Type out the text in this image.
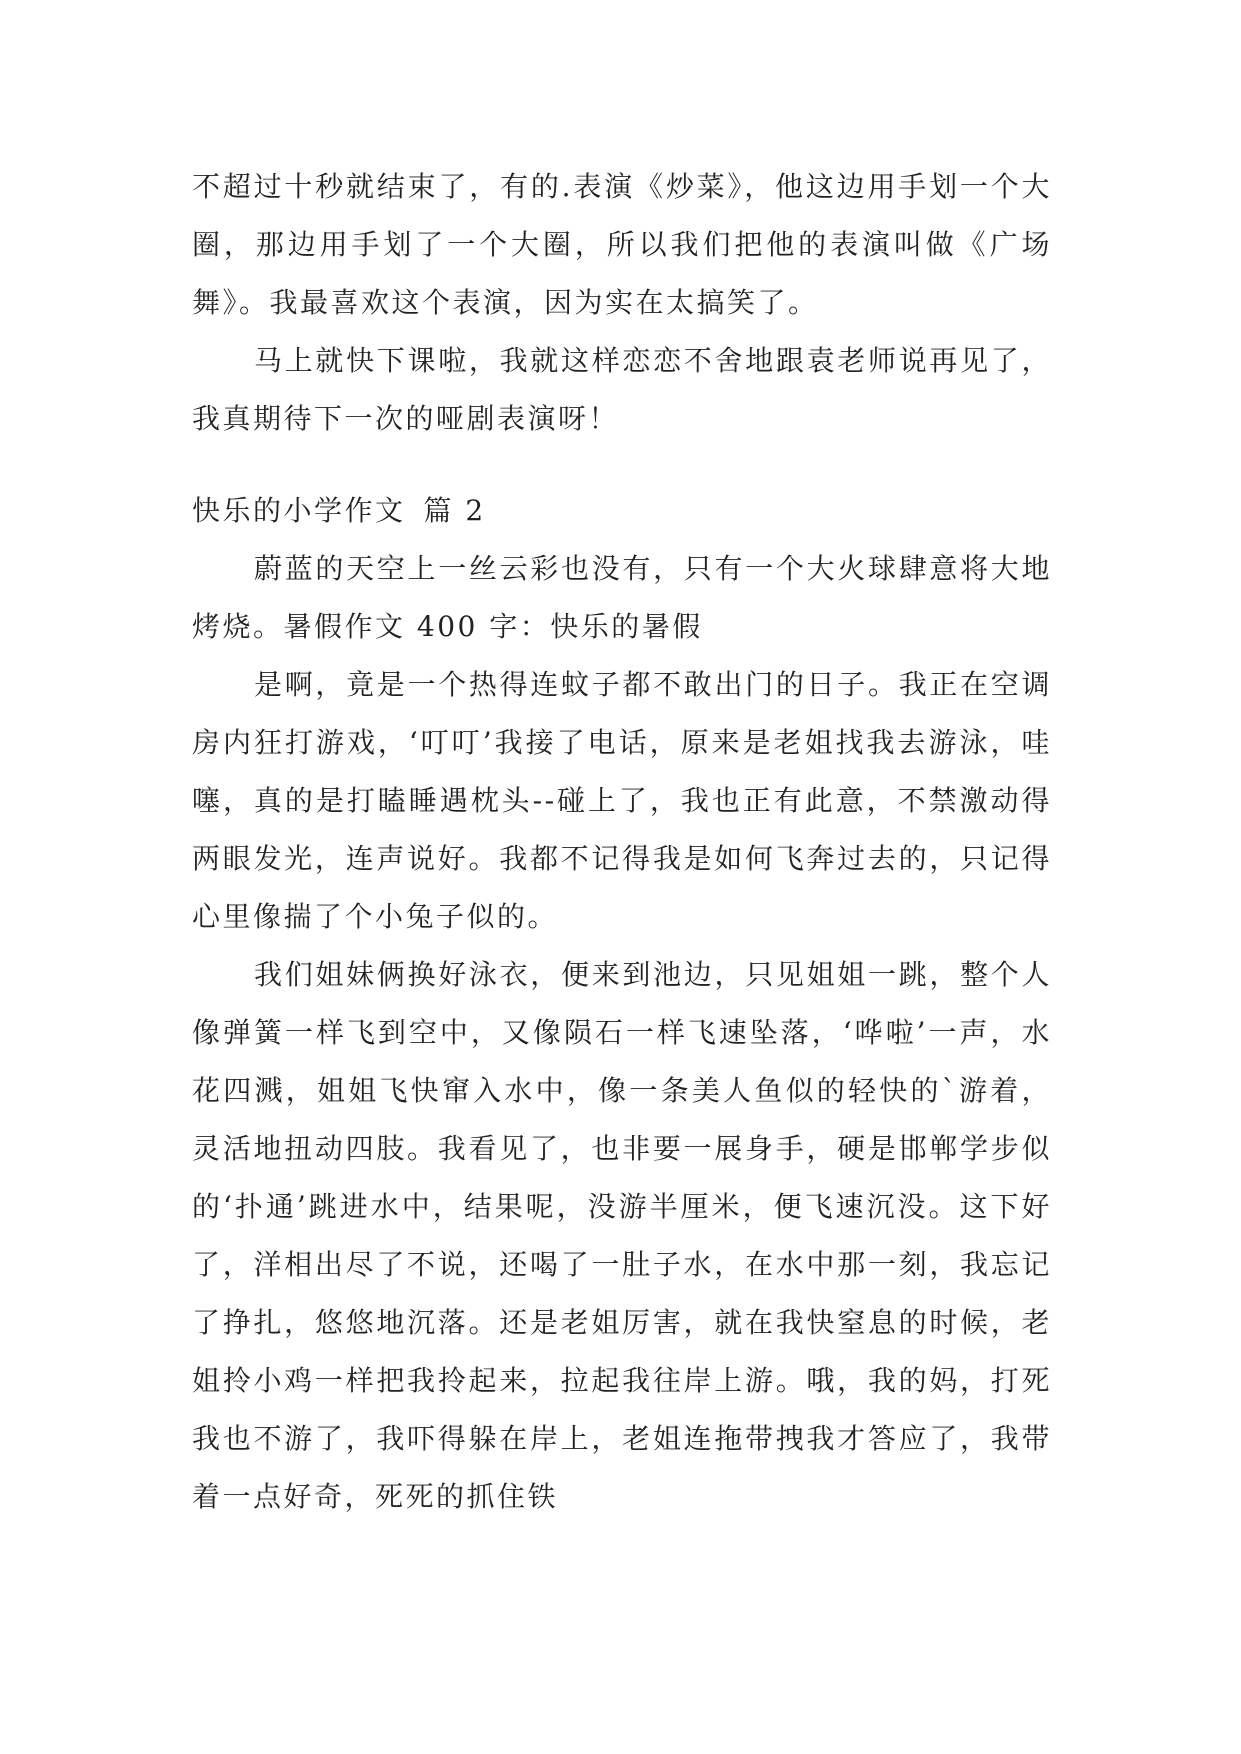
不超过十秒就结束了，有的.表演《炒菜》，他这边用手划一个大圈，那边用手划了一个大圈，所以我们把他的表演叫做《广场舞》。我最喜欢这个表演，因为实在太搞笑了。

马上就快下课啦，我就这样恋恋不舍地跟袁老师说再见了，我真期待下一次的哑剧表演呀！

快乐的小学作文 篇 2

蔚蓝的天空上一丝云彩也没有，只有一个大火球肆意将大地烤烧。暑假作文 400 字：快乐的暑假

是啊，竟是一个热得连蚊子都不敢出门的日子。我正在空调房内狂打游戏，‘叮叮’我接了电话，原来是老姐找我去游泳，哇噻，真的是打瞌睡遇枕头--碰上了，我也正有此意，不禁激动得两眼发光，连声说好。我都不记得我是如何飞奔过去的，只记得心里像揣了个小兔子似的。

我们姐妹俩换好泳衣，便来到池边，只见姐姐一跳，整个人像弹簧一样飞到空中，又像陨石一样飞速坠落，‘哗啦’一声，水花四溅，姐姐飞快窜入水中，像一条美人鱼似的轻快的`游着，灵活地扭动四肢。我看见了，也非要一展身手，硬是邯郸学步似的‘扑通’跳进水中，结果呢，没游半厘米，便飞速沉没。这下好了，洋相出尽了不说，还喝了一肚子水，在水中那一刻，我忘记了挣扎，悠悠地沉落。还是老姐厉害，就在我快窒息的时候，老姐拎小鸡一样把我拎起来，拉起我往岸上游。哦，我的妈，打死我也不游了，我吓得躲在岸上，老姐连拖带拽我才答应了，我带着一点好奇，死死的抓住铁
